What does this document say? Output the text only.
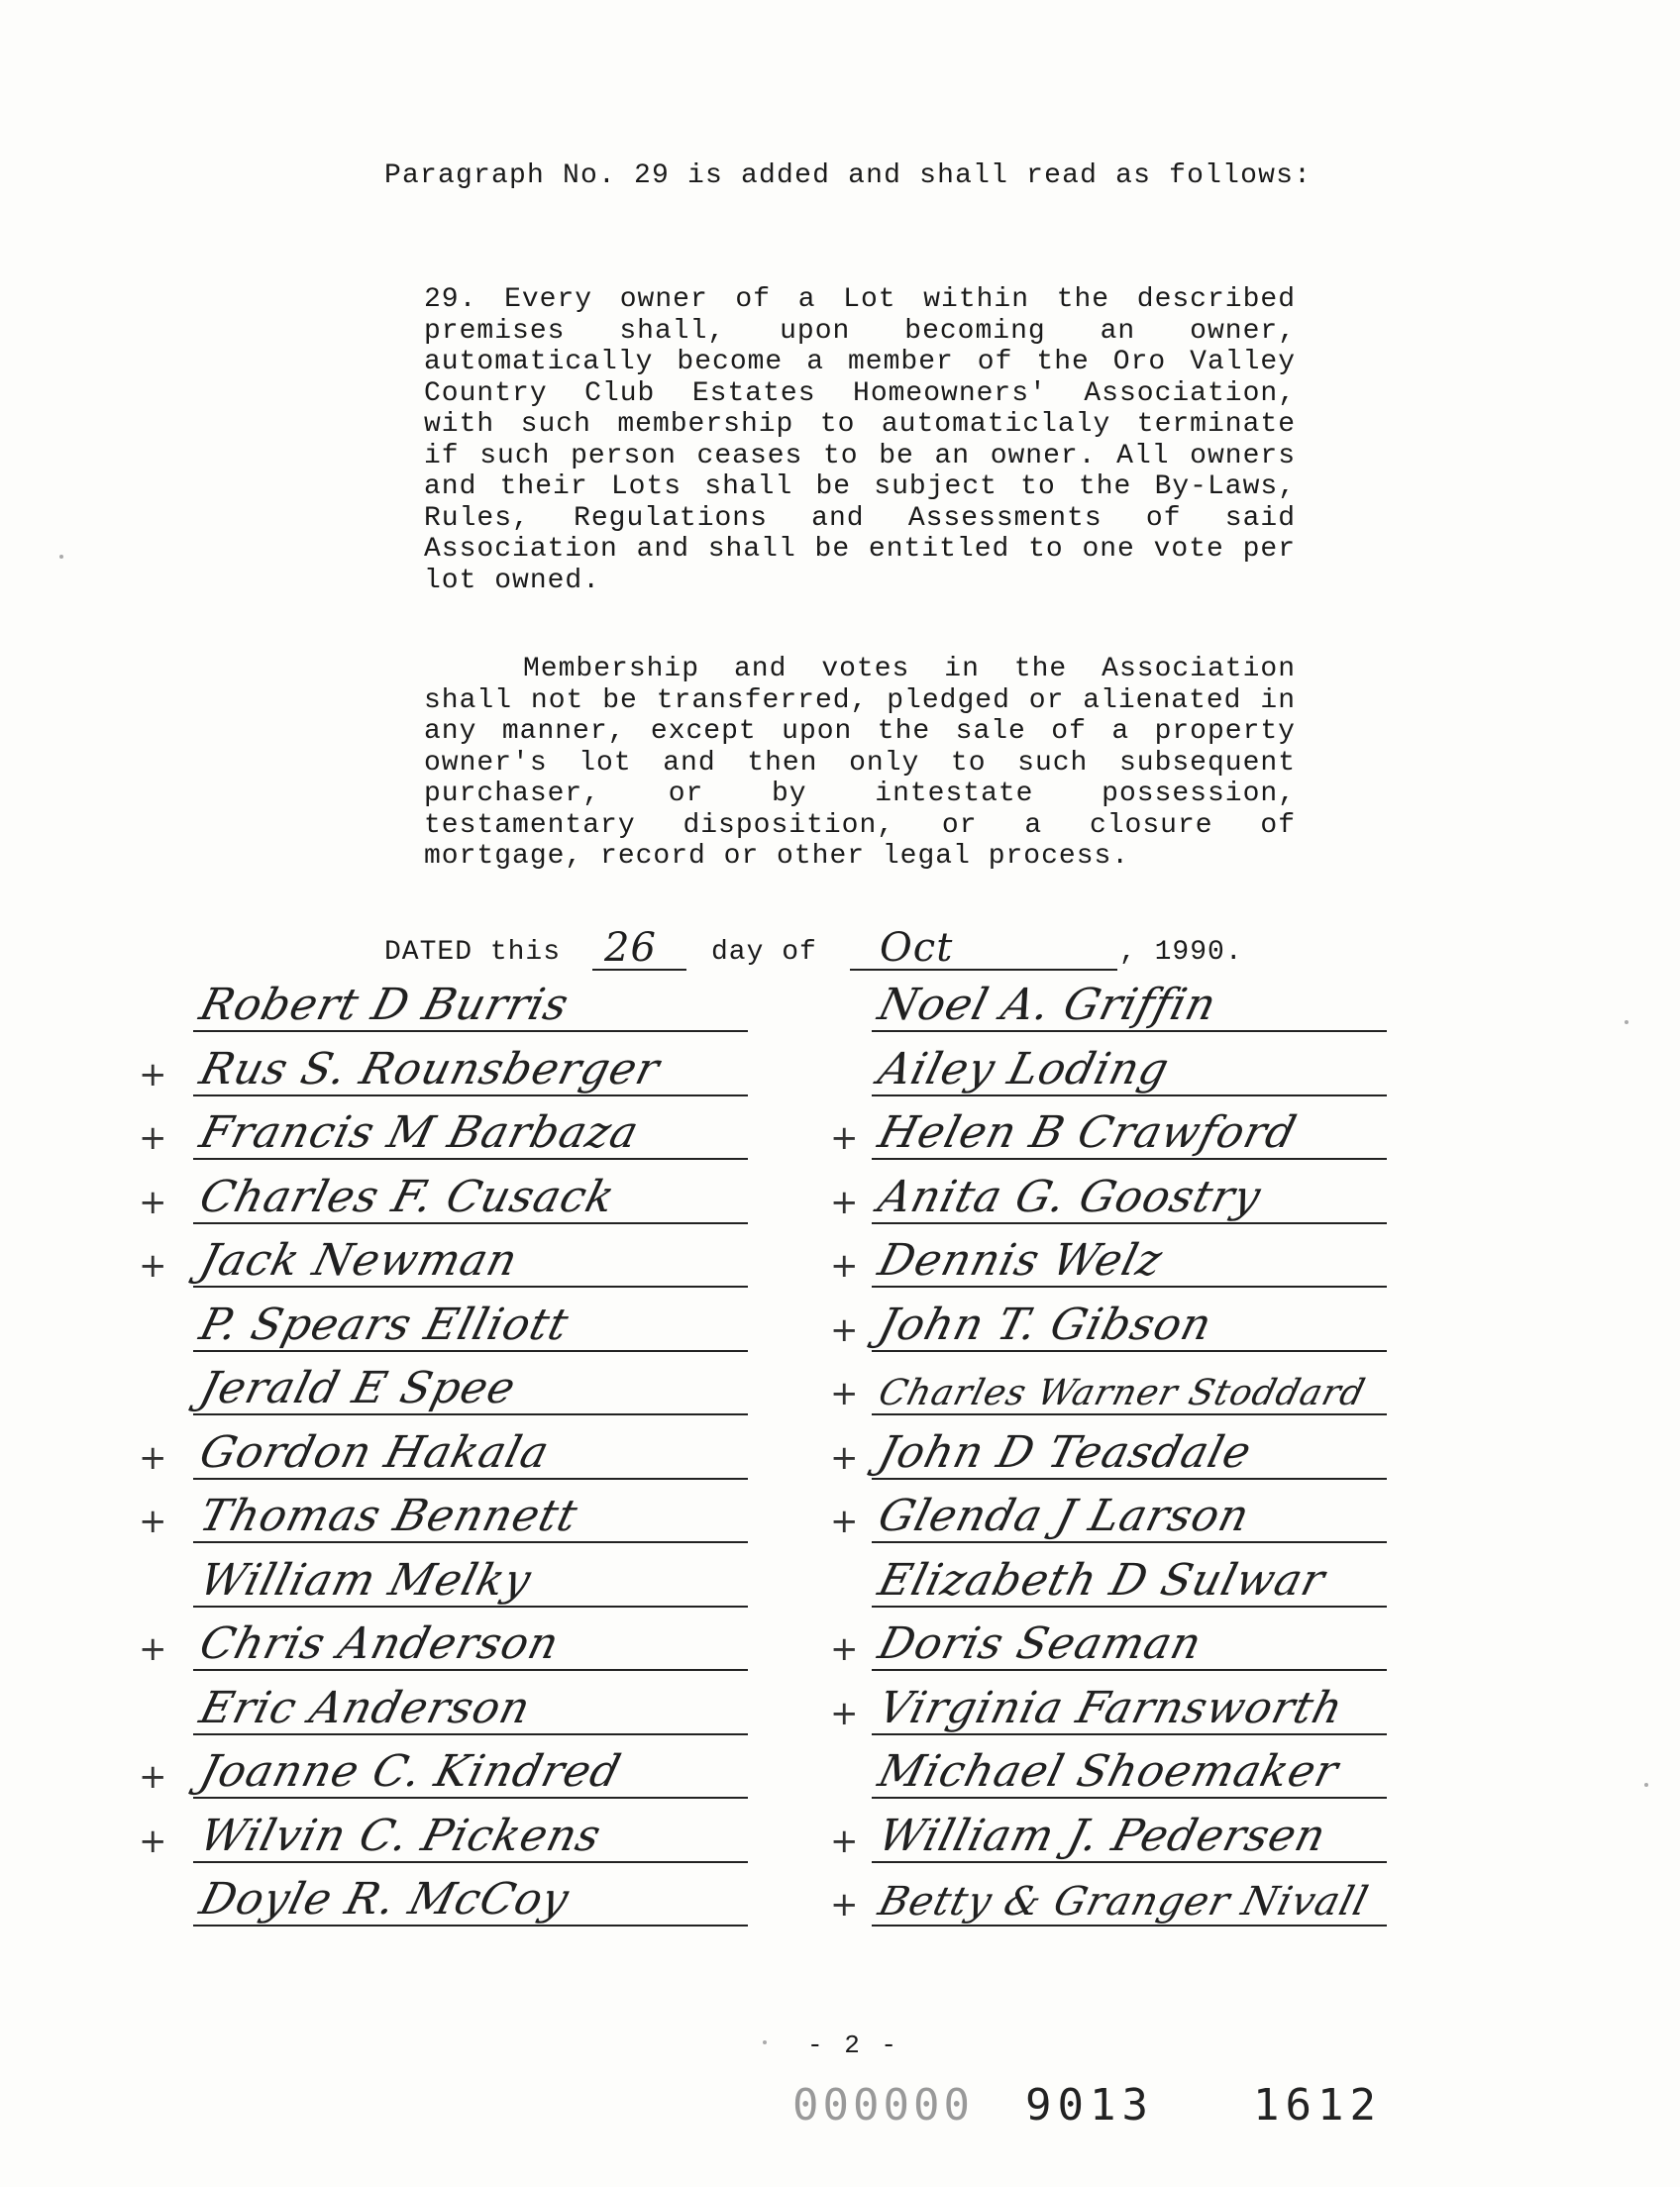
Paragraph No. 29 is added and shall read as follows:

29. Every owner of a Lot within the described premises shall, upon becoming an owner, automatically become a member of the Oro Valley Country Club Estates Homeowners' Association, with such membership to automaticlaly terminate if such person ceases to be an owner. All owners and their Lots shall be subject to the By-Laws, Rules, Regulations and Assessments of said Association and shall be entitled to one vote per lot owned.

Membership and votes in the Association shall not be transferred, pledged or alienated in any manner, except upon the sale of a property owner's lot and then only to such subsequent purchaser, or by intestate possession, testamentary disposition, or a closure of mortgage, record or other legal process.

DATED this 26 day of Oct	, 1990.
Robert D Burris
Rus S. Rounsberger
Francis M Barbaza
Charles F. Cusack
Jack Newman
P. Spears Elliott
Jerald E Spee
Gordon Hakala
Thomas Bennett
William Melky
Chris Anderson
Eric Anderson
Joanne C. Kindred
Wilvin C. Pickens
Doyle R. McCoy
Noel A. Griffin
Ailey Loding
Helen B Crawford
Anita G. Goostry
Dennis Welz
John T. Gibson
Charles Warner Stoddard
John D Teasdale
Glenda J Larson
Elizabeth D Sulwar
Doris Seaman
Virginia Farnsworth
Michael Shoemaker
William J. Pedersen
Betty & Granger Nivall
- 2 -
000000 9013 1612
+
+
+
+
+
+
+
+
+
+
+
+
+
+
+
+
+
+
+
+
